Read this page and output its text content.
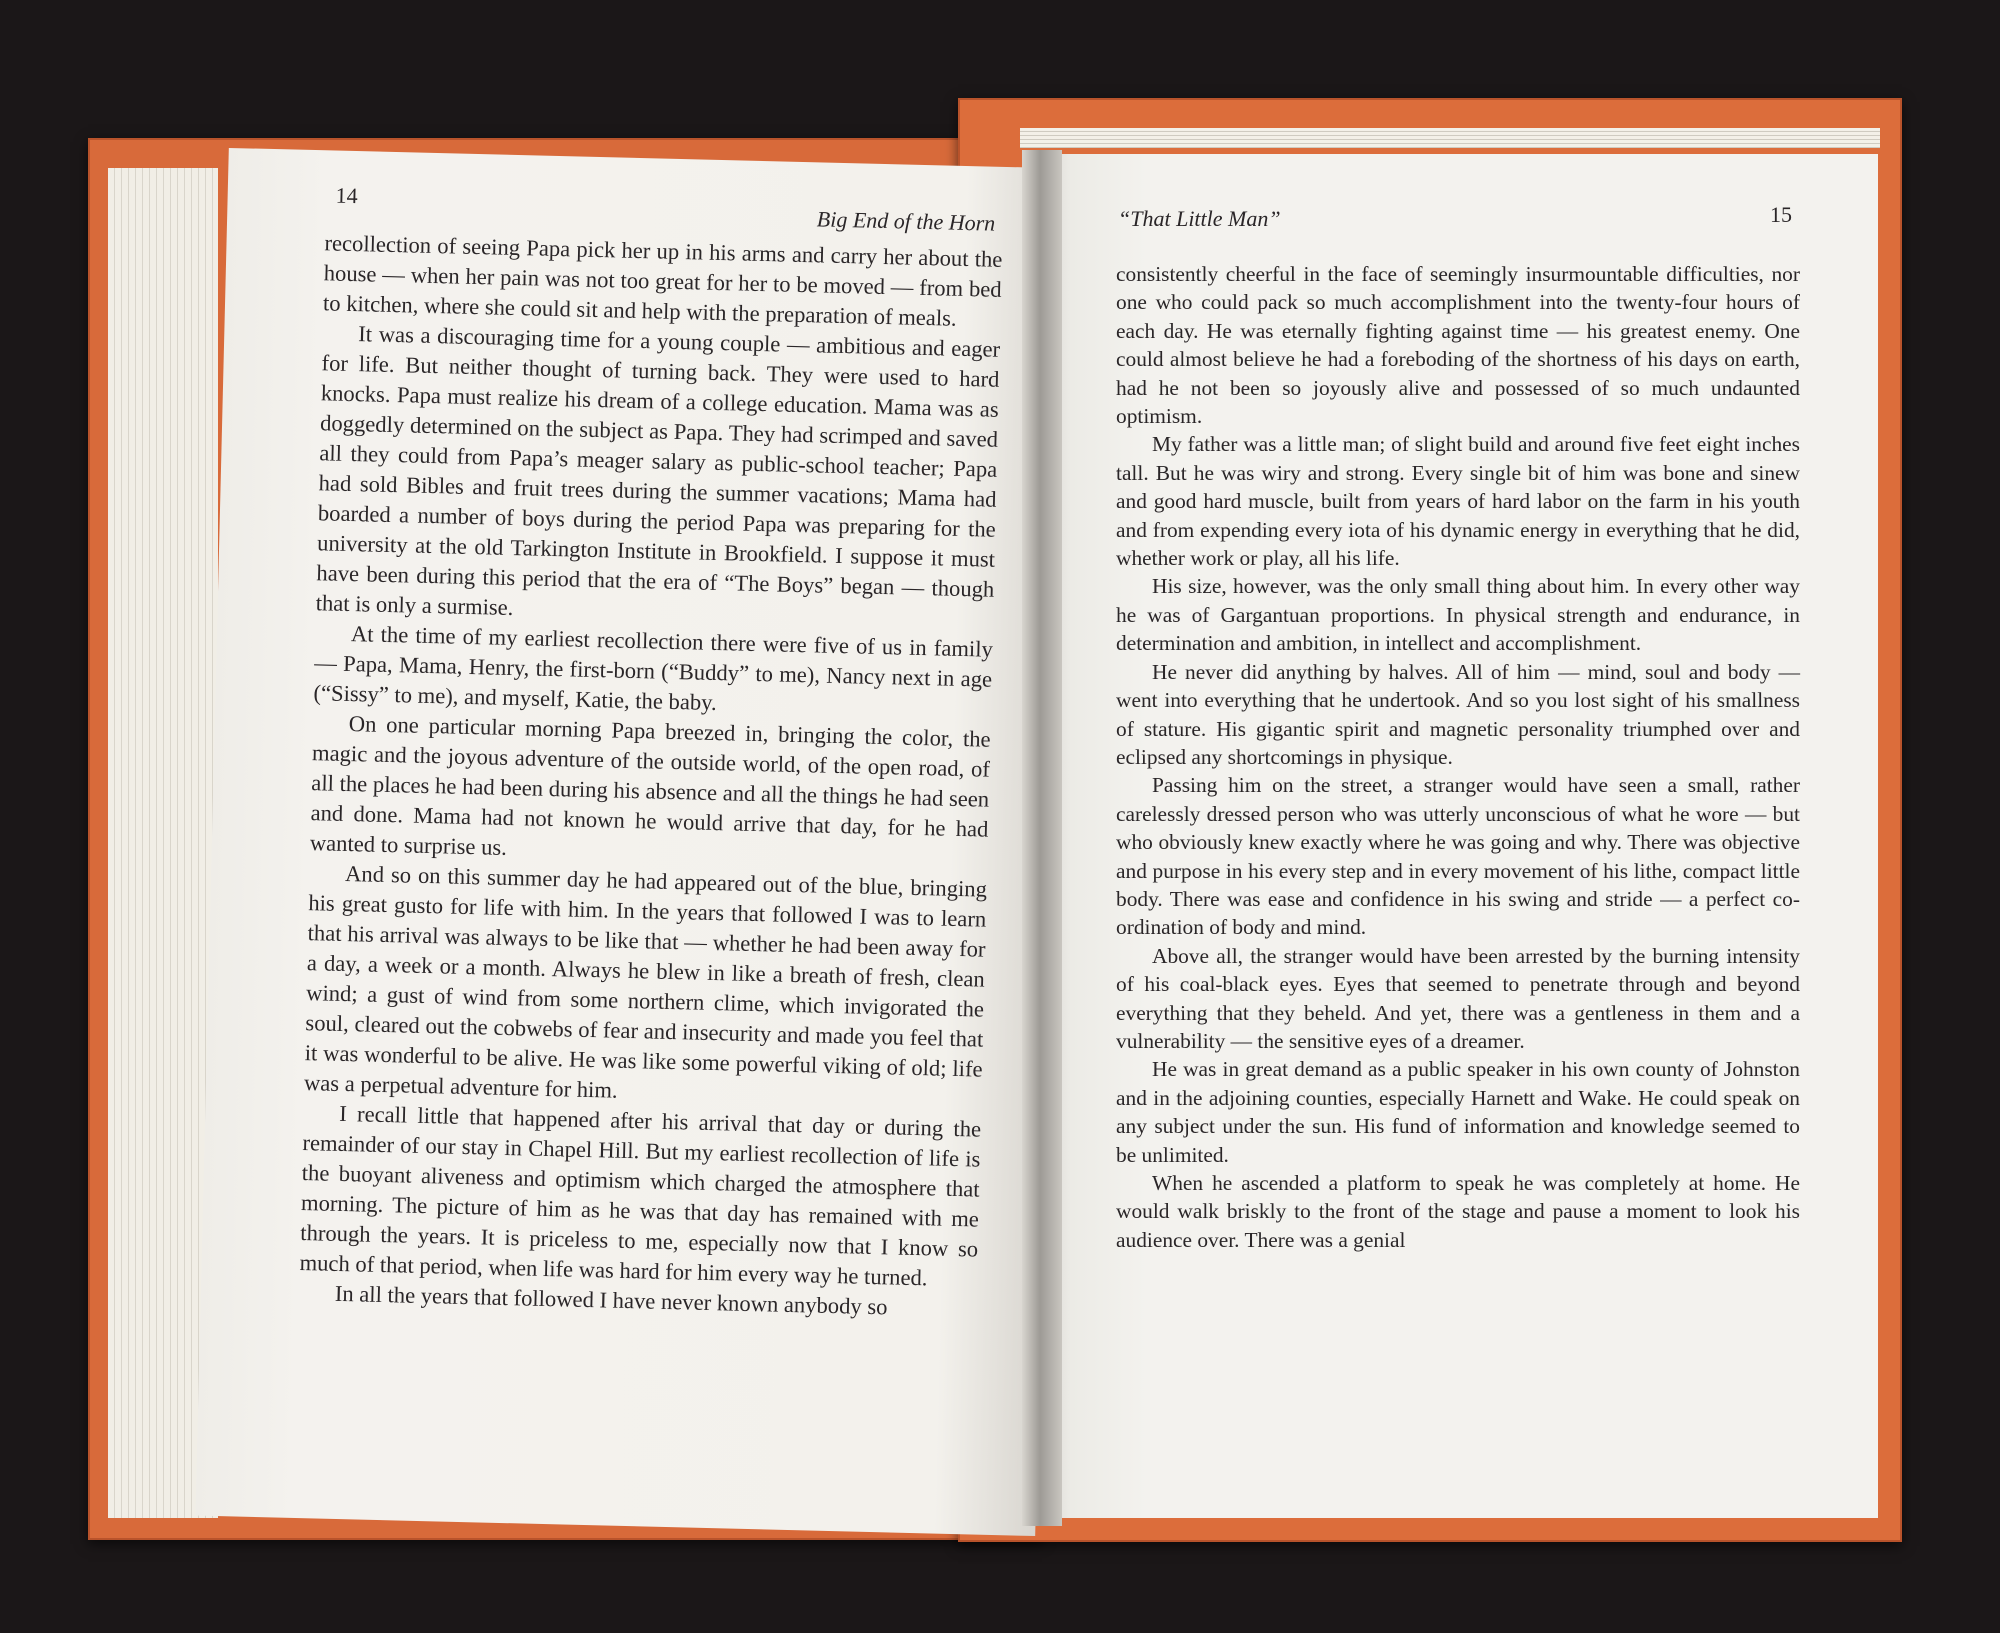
14
Big End of the Horn

recollection of seeing Papa pick her up in his arms and carry her about the house — when her pain was not too great for her to be moved — from bed to kitchen, where she could sit and help with the preparation of meals.

It was a discouraging time for a young couple — ambitious and eager for life. But neither thought of turning back. They were used to hard knocks. Papa must realize his dream of a college education. Mama was as doggedly determined on the subject as Papa. They had scrimped and saved all they could from Papa’s meager salary as public-school teacher; Papa had sold Bibles and fruit trees during the summer vacations; Mama had boarded a number of boys during the period Papa was preparing for the university at the old Tarkington Institute in Brookfield. I suppose it must have been during this period that the era of “The Boys” began — though that is only a surmise.

At the time of my earliest recollection there were five of us in family — Papa, Mama, Henry, the first-born (“Buddy” to me), Nancy next in age (“Sissy” to me), and myself, Katie, the baby.

On one particular morning Papa breezed in, bringing the color, the magic and the joyous adventure of the outside world, of the open road, of all the places he had been during his absence and all the things he had seen and done. Mama had not known he would arrive that day, for he had wanted to surprise us.

And so on this summer day he had appeared out of the blue, bringing his great gusto for life with him. In the years that followed I was to learn that his arrival was always to be like that — whether he had been away for a day, a week or a month. Always he blew in like a breath of fresh, clean wind; a gust of wind from some northern clime, which invigorated the soul, cleared out the cobwebs of fear and insecurity and made you feel that it was wonderful to be alive. He was like some powerful viking of old; life was a perpetual adventure for him.

I recall little that happened after his arrival that day or during the remainder of our stay in Chapel Hill. But my earliest recollection of life is the buoyant aliveness and optimism which charged the atmosphere that morning. The picture of him as he was that day has remained with me through the years. It is priceless to me, especially now that I know so much of that period, when life was hard for him every way he turned.

In all the years that followed I have never known anybody so

“That Little Man”	15

consistently cheerful in the face of seemingly insurmountable difficulties, nor one who could pack so much accomplishment into the twenty-four hours of each day. He was eternally fighting against time — his greatest enemy. One could almost believe he had a foreboding of the shortness of his days on earth, had he not been so joyously alive and possessed of so much undaunted optimism.

My father was a little man; of slight build and around five feet eight inches tall. But he was wiry and strong. Every single bit of him was bone and sinew and good hard muscle, built from years of hard labor on the farm in his youth and from expending every iota of his dynamic energy in everything that he did, whether work or play, all his life.

His size, however, was the only small thing about him. In every other way he was of Gargantuan proportions. In physical strength and endurance, in determination and ambition, in intellect and accomplishment.

He never did anything by halves. All of him — mind, soul and body — went into everything that he undertook. And so you lost sight of his smallness of stature. His gigantic spirit and magnetic personality triumphed over and eclipsed any shortcomings in physique.

Passing him on the street, a stranger would have seen a small, rather carelessly dressed person who was utterly unconscious of what he wore — but who obviously knew exactly where he was going and why. There was objective and purpose in his every step and in every movement of his lithe, compact little body. There was ease and confidence in his swing and stride — a perfect co-ordination of body and mind.

Above all, the stranger would have been arrested by the burning intensity of his coal-black eyes. Eyes that seemed to penetrate through and beyond everything that they beheld. And yet, there was a gentleness in them and a vulnerability — the sensitive eyes of a dreamer.

He was in great demand as a public speaker in his own county of Johnston and in the adjoining counties, especially Harnett and Wake. He could speak on any subject under the sun. His fund of information and knowledge seemed to be unlimited.

When he ascended a platform to speak he was completely at home. He would walk briskly to the front of the stage and pause a moment to look his audience over. There was a genial
